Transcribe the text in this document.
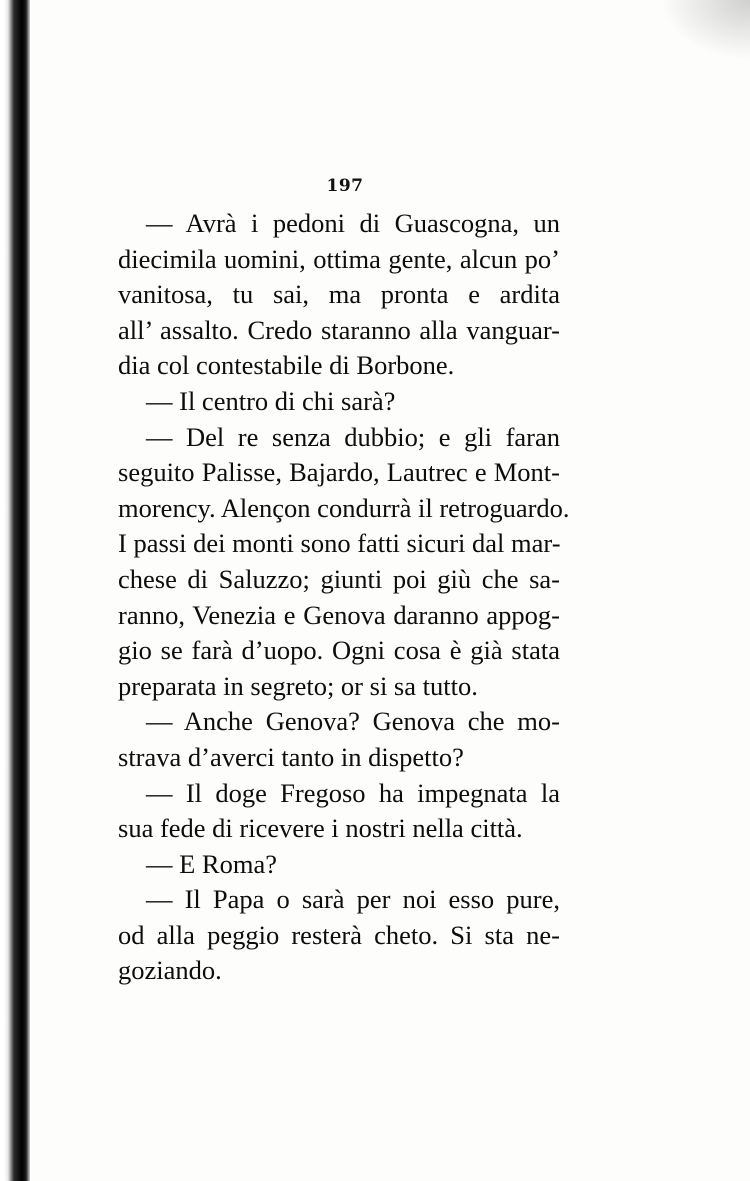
197
— Avrà i pedoni di Guascogna, un
diecimila uomini, ottima gente, alcun po’
vanitosa, tu sai, ma pronta e ardita
all’ assalto. Credo staranno alla vanguar-
dia col contestabile di Borbone.
— Il centro di chi sarà?
— Del re senza dubbio; e gli faran
seguito Palisse, Bajardo, Lautrec e Mont-
morency. Alençon condurrà il retroguardo.
I passi dei monti sono fatti sicuri dal mar-
chese di Saluzzo; giunti poi giù che sa-
ranno, Venezia e Genova daranno appog-
gio se farà d’uopo. Ogni cosa è già stata
preparata in segreto; or si sa tutto.
— Anche Genova? Genova che mo-
strava d’averci tanto in dispetto?
— Il doge Fregoso ha impegnata la
sua fede di ricevere i nostri nella città.
— E Roma?
— Il Papa o sarà per noi esso pure,
od alla peggio resterà cheto. Si sta ne-
goziando.
